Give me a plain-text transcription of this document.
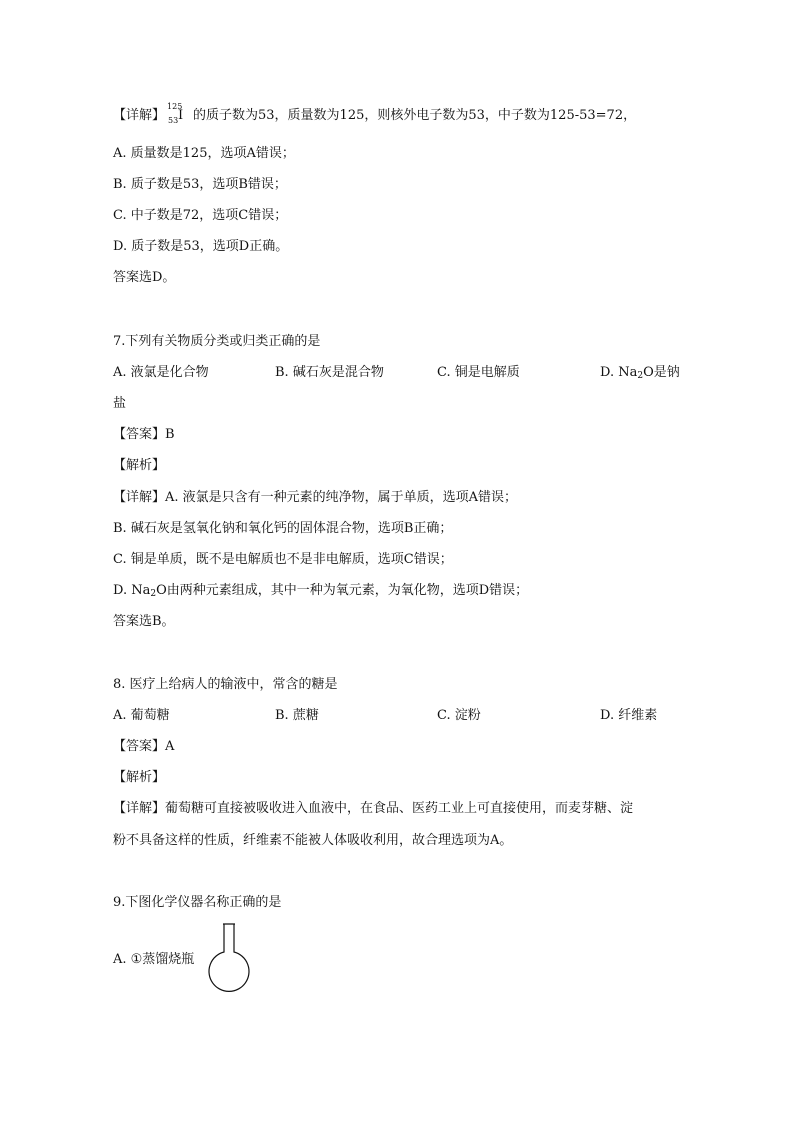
【详解】
125
53 I 的质子数为53，质量数为125，则核外电子数为53，中子数为125-53=72，
A. 质量数是125，选项A错误；
B. 质子数是53，选项B错误；
C. 中子数是72，选项C错误；
D. 质子数是53，选项D正确。
答案选D。
7.下列有关物质分类或归类正确的是
A. 液氯是化合物	B. 碱石灰是混合物	C. 铜是电解质	D. $Na_2O$是钠
盐
【答案】B
【解析】
【详解】A. 液氯是只含有一种元素的纯净物，属于单质，选项A错误；
B. 碱石灰是氢氧化钠和氧化钙的固体混合物，选项B正确；
C. 铜是单质，既不是电解质也不是非电解质，选项C错误；
D. $Na_2O$由两种元素组成，其中一种为氧元素，为氧化物，选项D错误；
答案选B。
8. 医疗上给病人的输液中，常含的糖是
A. 葡萄糖	B. 蔗糖	C. 淀粉	D. 纤维素
【答案】A
【解析】
【详解】葡萄糖可直接被吸收进入血液中，在食品、医药工业上可直接使用，而麦芽糖、淀
粉不具备这样的性质，纤维素不能被人体吸收利用，故合理选项为A。
9.下图化学仪器名称正确的是
A. ①蒸馏烧瓶
